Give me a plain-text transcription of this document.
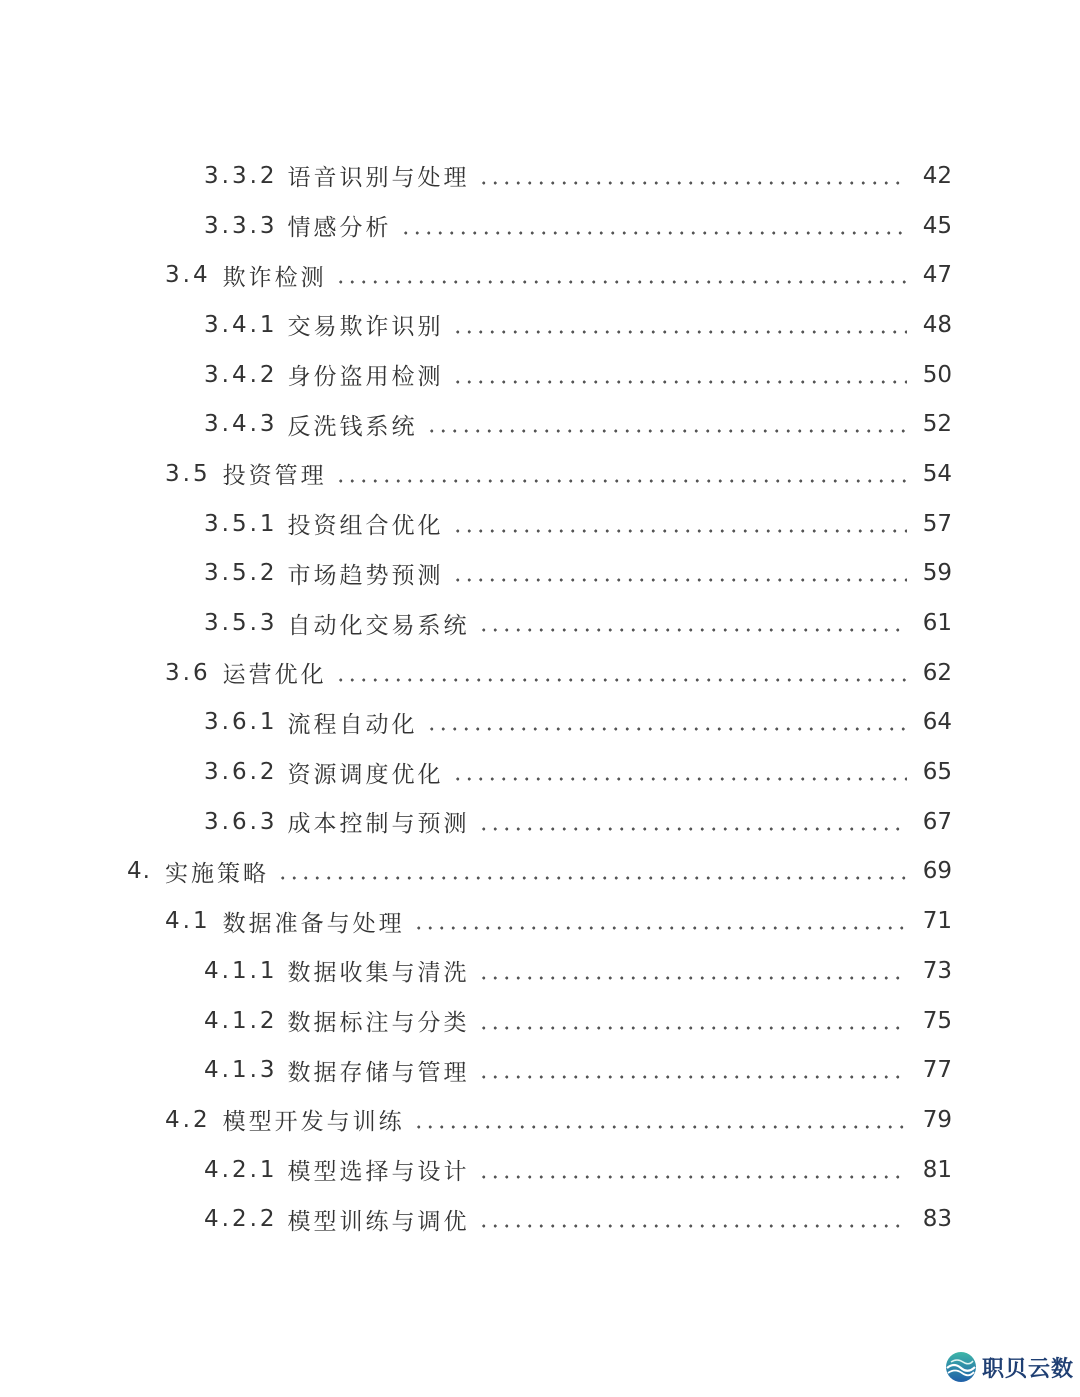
3.3.2 语音识别与处理	42
3.3.3 情感分析	45
3.4 欺诈检测	47
3.4.1 交易欺诈识别	48
3.4.2 身份盗用检测	50
3.4.3 反洗钱系统	52
3.5 投资管理	54
3.5.1 投资组合优化	57
3.5.2 市场趋势预测	59
3.5.3 自动化交易系统	61
3.6 运营优化	62
3.6.1 流程自动化	64
3.6.2 资源调度优化	65
3.6.3 成本控制与预测	67
4. 实施策略	69
4.1 数据准备与处理	71
4.1.1 数据收集与清洗	73
4.1.2 数据标注与分类	75
4.1.3 数据存储与管理	77
4.2 模型开发与训练	79
4.2.1 模型选择与设计	81
4.2.2 模型训练与调优	83
职贝云数
